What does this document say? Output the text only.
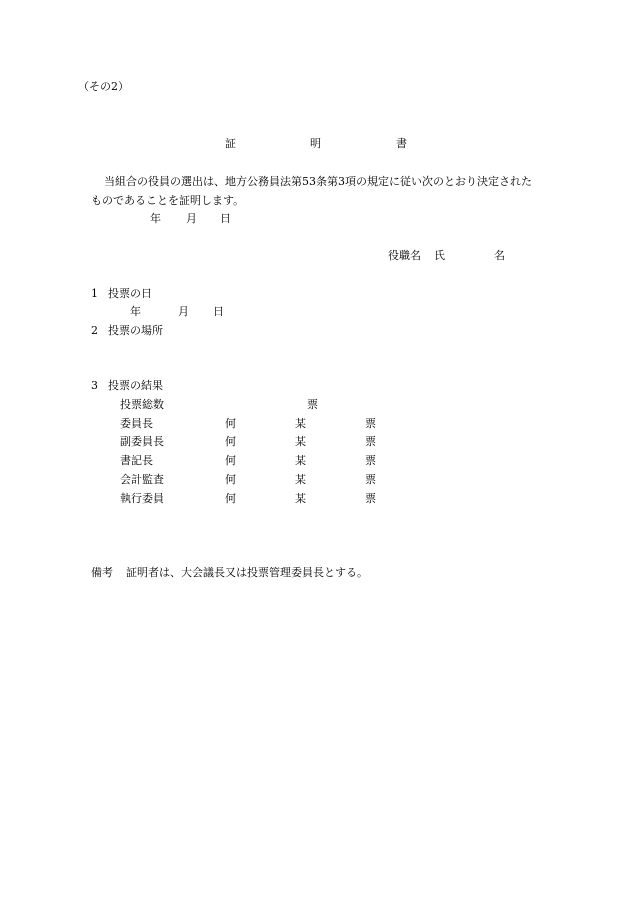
（その2）
証	明	書
当組合の役員の選出は、地方公務員法第53条第3項の規定に従い次のとおり決定された
ものであることを証明します。
年 月 日
役職名 氏	名
1 投票の日
年	月 日
2 投票の場所
3 投票の結果
投票総数	票
委員長	何	某	票
副委員長	何	某	票
書記長	何	某	票
会計監査	何	某	票
執行委員	何	某	票
備考 証明者は、大会議長又は投票管理委員長とする。
